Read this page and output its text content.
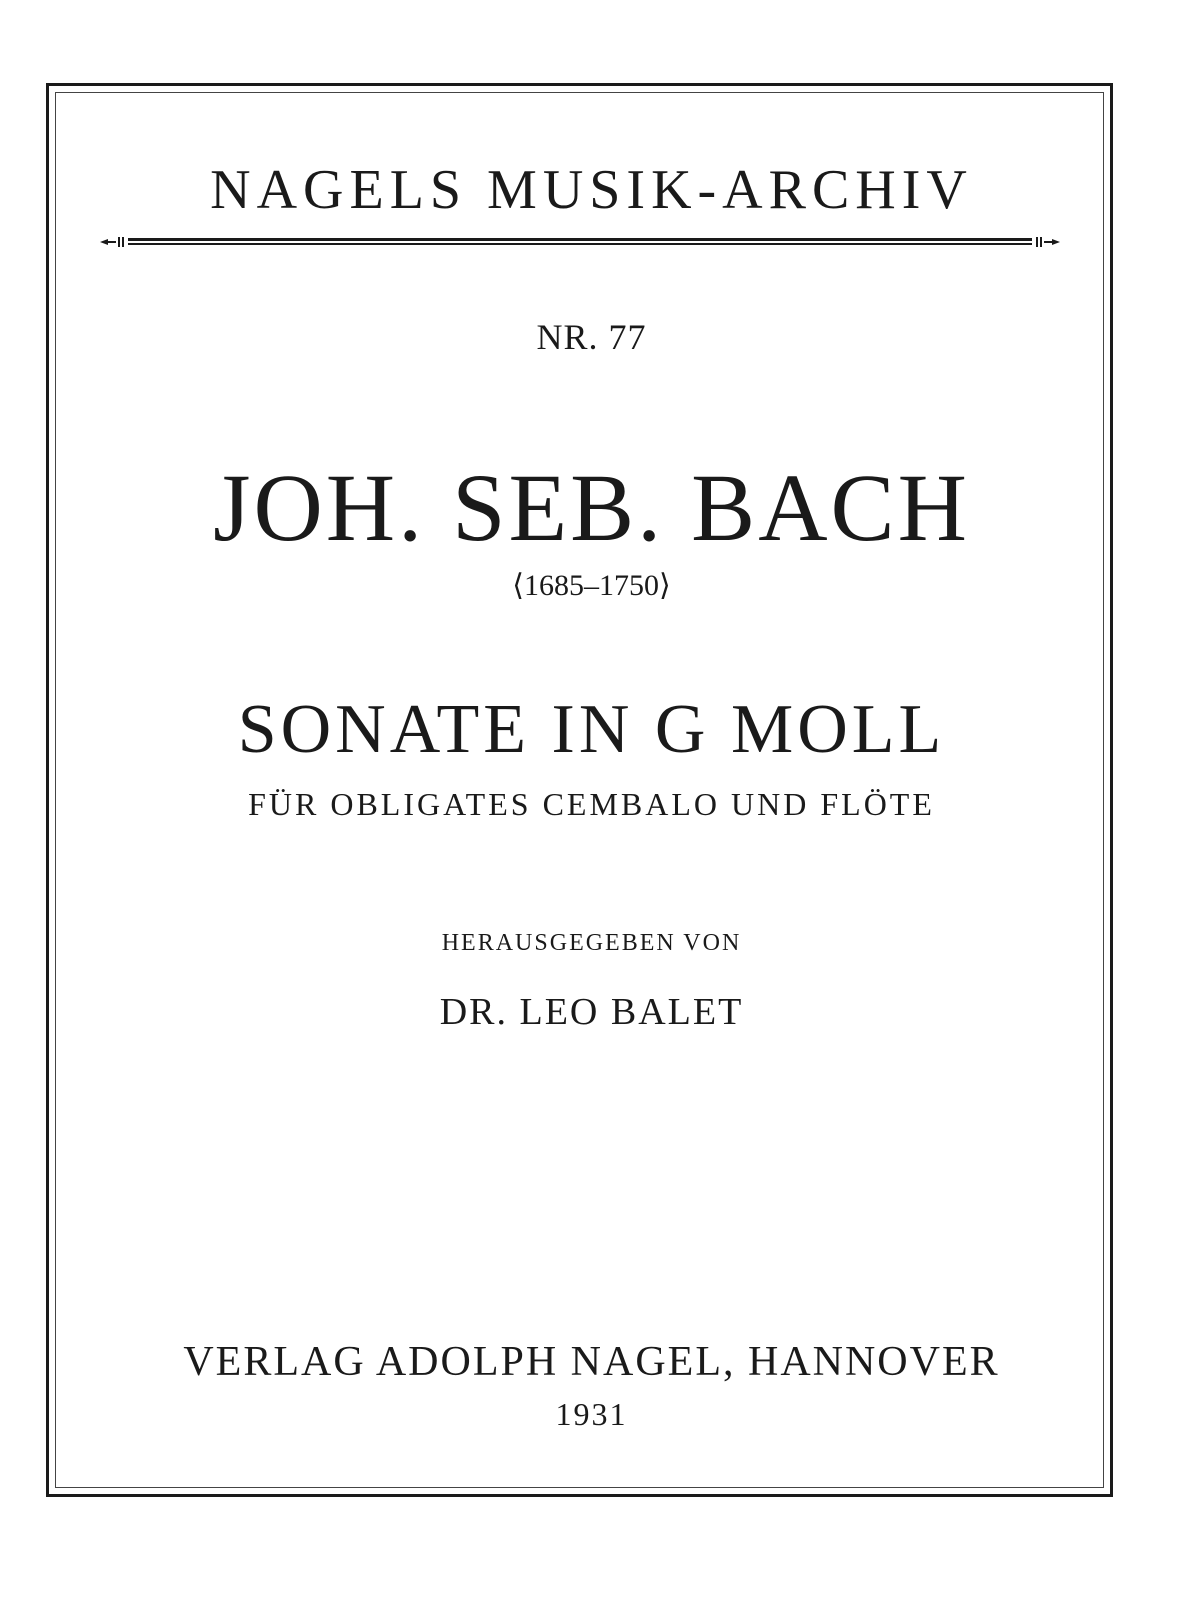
NAGELS MUSIK-ARCHIV
NR. 77
JOH. SEB. BACH
⟨1685–1750⟩
SONATE IN G MOLL
FÜR OBLIGATES CEMBALO UND FLÖTE
HERAUSGEGEBEN VON
DR. LEO BALET
VERLAG ADOLPH NAGEL, HANNOVER
1931
